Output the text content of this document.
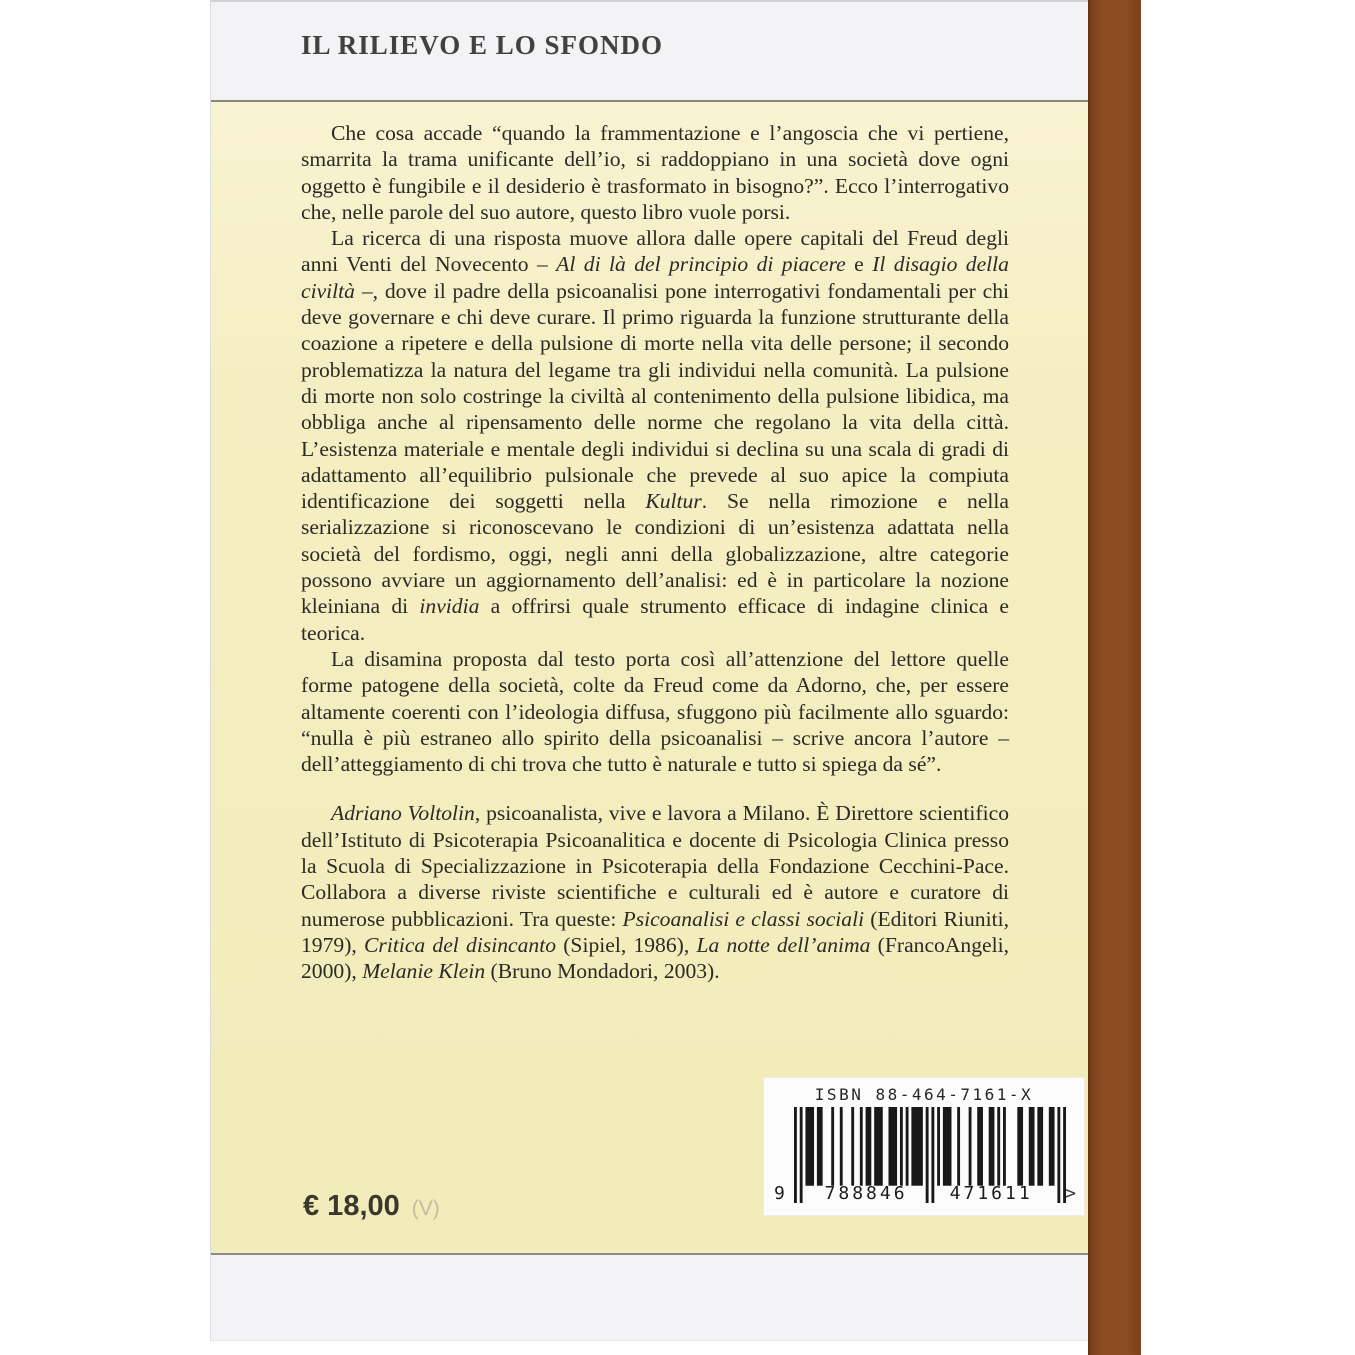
IL RILIEVO E LO SFONDO

Che cosa accade “quando la frammentazione e l’angoscia che vi pertiene, smarrita la trama unificante dell’io, si raddoppiano in una società dove ogni oggetto è fungibile e il desiderio è trasformato in bisogno?”. Ecco l’interrogativo che, nelle parole del suo autore, questo libro vuole porsi.

La ricerca di una risposta muove allora dalle opere capitali del Freud degli anni Venti del Novecento – Al di là del principio di piacere e Il disagio della civiltà –, dove il padre della psicoanalisi pone interrogativi fondamentali per chi deve governare e chi deve curare. Il primo riguarda la funzione strutturante della coazione a ripetere e della pulsione di morte nella vita delle persone; il secondo problematizza la natura del legame tra gli individui nella comunità. La pulsione di morte non solo costringe la civiltà al contenimento della pulsione libidica, ma obbliga anche al ripensamento delle norme che regolano la vita della città. L’esistenza materiale e mentale degli individui si declina su una scala di gradi di adattamento all’equilibrio pulsionale che prevede al suo apice la compiuta identificazione dei soggetti nella Kultur. Se nella rimozione e nella serializzazione si riconoscevano le condizioni di un’esistenza adattata nella società del fordismo, oggi, negli anni della globalizzazione, altre categorie possono avviare un aggiornamento dell’analisi: ed è in particolare la nozione kleiniana di invidia a offrirsi quale strumento efficace di indagine clinica e teorica.

La disamina proposta dal testo porta così all’attenzione del lettore quelle forme patogene della società, colte da Freud come da Adorno, che, per essere altamente coerenti con l’ideologia diffusa, sfuggono più facilmente allo sguardo: “nulla è più estraneo allo spirito della psicoanalisi – scrive ancora l’autore – dell’atteggiamento di chi trova che tutto è naturale e tutto si spiega da sé”.

Adriano Voltolin, psicoanalista, vive e lavora a Milano. È Direttore scientifico dell’Istituto di Psicoterapia Psicoanalitica e docente di Psicologia Clinica presso la Scuola di Specializzazione in Psicoterapia della Fondazione Cecchini-Pace. Collabora a diverse riviste scientifiche e culturali ed è autore e curatore di numerose pubblicazioni. Tra queste: Psicoanalisi e classi sociali (Editori Riuniti, 1979), Critica del disincanto (Sipiel, 1986), La notte dell’anima (FrancoAngeli, 2000), Melanie Klein (Bruno Mondadori, 2003).

€ 18,00 (V)
ISBN 88-464-7161-X
9	788846	471611	>
